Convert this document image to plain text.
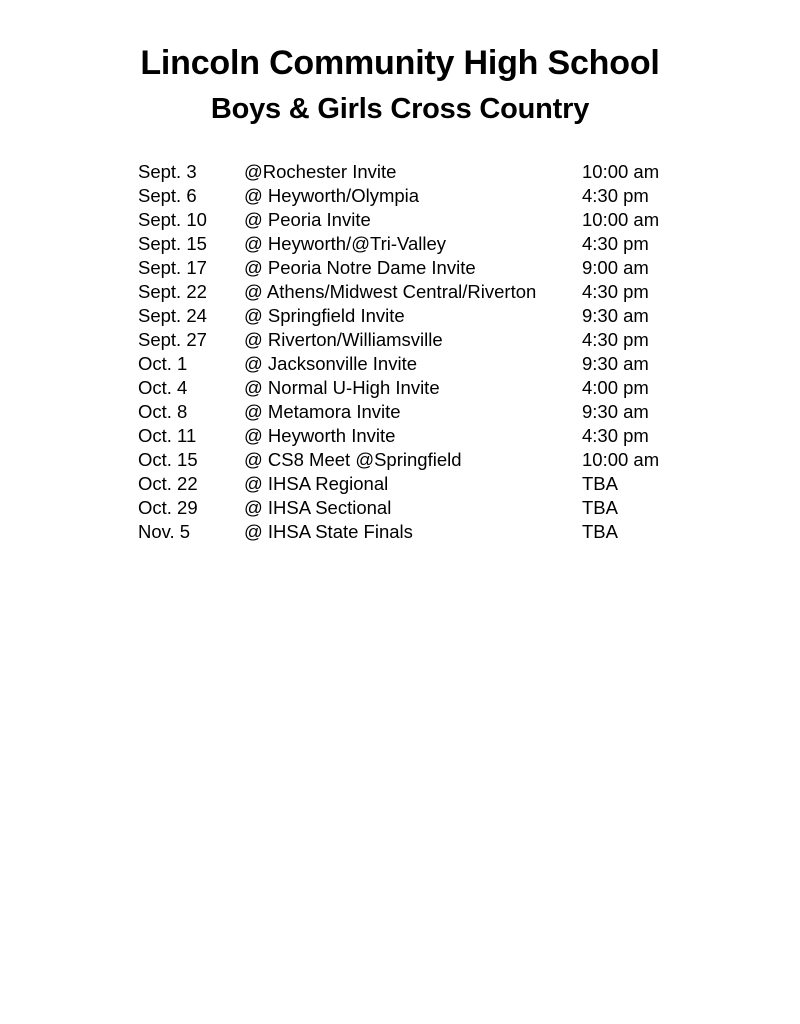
Lincoln Community High School
Boys & Girls Cross Country
Sept. 3	@Rochester Invite	10:00 am
Sept. 6	@ Heyworth/Olympia	4:30 pm
Sept. 10	@ Peoria Invite	10:00 am
Sept. 15	@ Heyworth/@Tri-Valley	4:30 pm
Sept. 17	@ Peoria Notre Dame Invite	9:00 am
Sept. 22	@ Athens/Midwest Central/Riverton	4:30 pm
Sept. 24	@ Springfield Invite	9:30 am
Sept. 27	@ Riverton/Williamsville	4:30 pm
Oct. 1	@ Jacksonville Invite	9:30 am
Oct. 4	@ Normal U-High Invite	4:00 pm
Oct. 8	@ Metamora Invite	9:30 am
Oct. 11	@ Heyworth Invite	4:30 pm
Oct. 15	@ CS8 Meet @Springfield	10:00 am
Oct. 22	@ IHSA Regional	TBA
Oct. 29	@ IHSA Sectional	TBA
Nov. 5	@ IHSA State Finals	TBA
